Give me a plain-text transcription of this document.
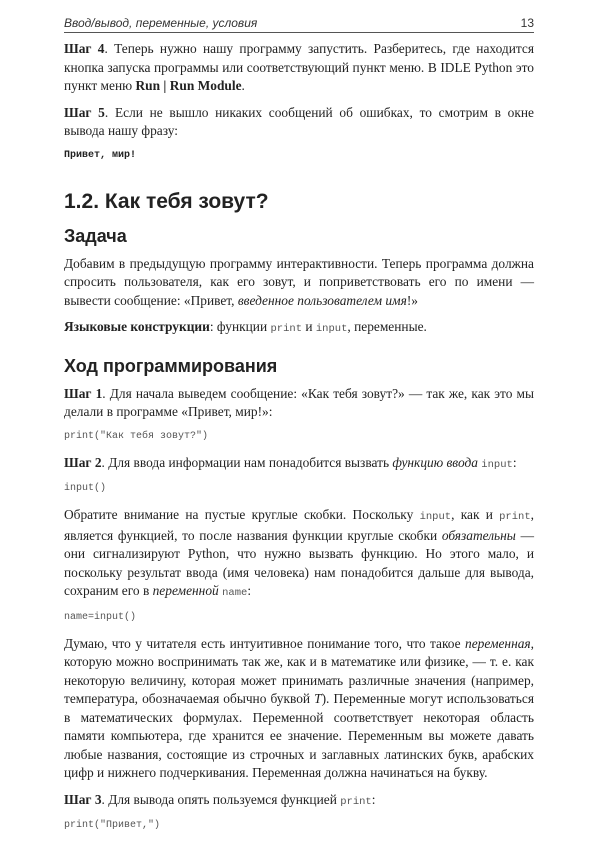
Ввод/вывод, переменные, условия	13

Шаг 4. Теперь нужно нашу программу запустить. Разберитесь, где находится кнопка запуска программы или соответствующий пункт меню. В IDLE Python это пункт меню Run | Run Module.

Шаг 5. Если не вышло никаких сообщений об ошибках, то смотрим в окне вывода нашу фразу:

Привет, мир!
1.2. Как тебя зовут?
Задача

Добавим в предыдущую программу интерактивности. Теперь программа должна спросить пользователя, как его зовут, и поприветствовать его по имени — вывести сообщение: «Привет, введенное пользователем имя!»

Языковые конструкции: функции print и input, переменные.

Ход программирования

Шаг 1. Для начала выведем сообщение: «Как тебя зовут?» — так же, как это мы делали в программе «Привет, мир!»:

print("Как тебя зовут?")

Шаг 2. Для ввода информации нам понадобится вызвать функцию ввода input:

input()

Обратите внимание на пустые круглые скобки. Поскольку input, как и print, является функцией, то после названия функции круглые скобки обязательны — они сигнализируют Python, что нужно вызвать функцию. Но этого мало, и поскольку результат ввода (имя человека) нам понадобится дальше для вывода, сохраним его в переменной name:

name=input()

Думаю, что у читателя есть интуитивное понимание того, что такое переменная, которую можно воспринимать так же, как и в математике или физике, — т. е. как некоторую величину, которая может принимать различные значения (например, температура, обозначаемая обычно буквой T). Переменные могут использоваться в математических формулах. Переменной соответствует некоторая область памяти компьютера, где хранится ее значение. Переменным вы можете давать любые названия, состоящие из строчных и заглавных латинских букв, арабских цифр и нижнего подчеркивания. Переменная должна начинаться на букву.

Шаг 3. Для вывода опять пользуемся функцией print:

print("Привет,")
